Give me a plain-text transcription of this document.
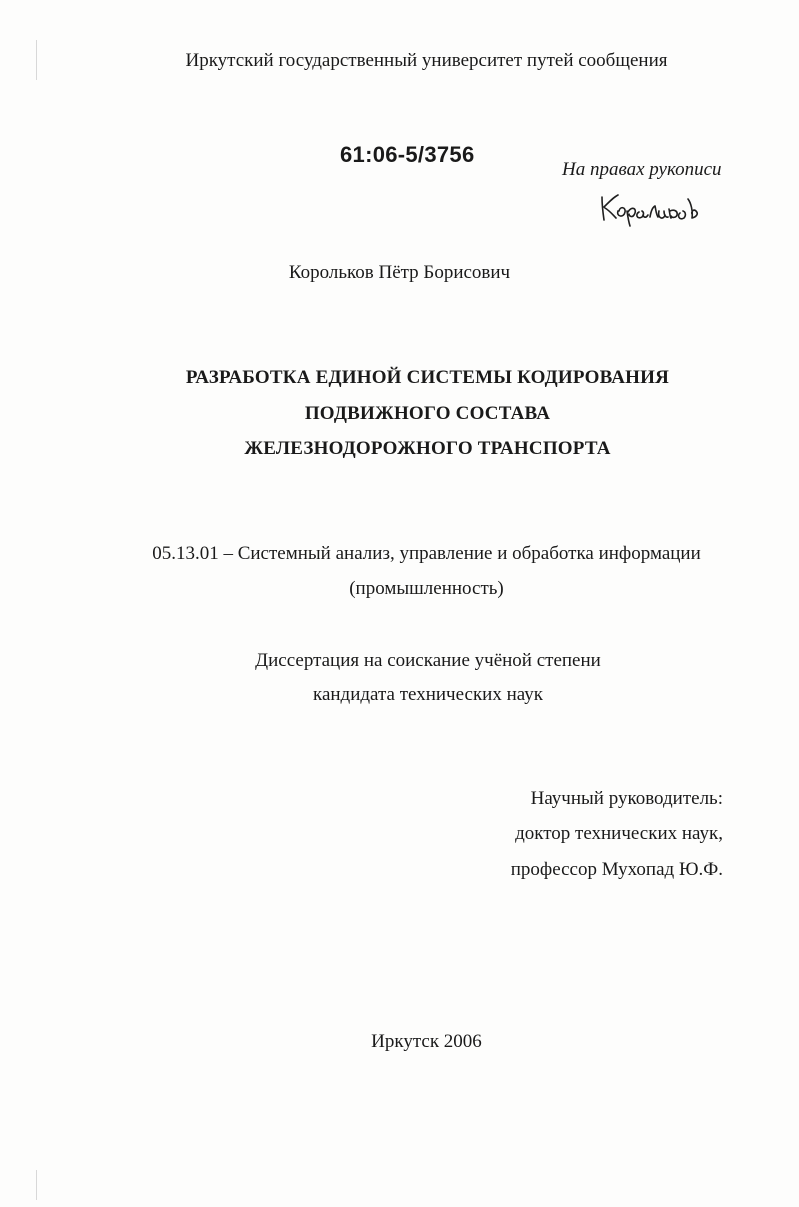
Иркутский государственный университет путей сообщения
61:06-5/3756
На правах рукописи
Корольков Пётр Борисович
РАЗРАБОТКА ЕДИНОЙ СИСТЕМЫ КОДИРОВАНИЯ
ПОДВИЖНОГО СОСТАВА
ЖЕЛЕЗНОДОРОЖНОГО ТРАНСПОРТА
05.13.01 – Системный анализ, управление и обработка информации
(промышленность)
Диссертация на соискание учёной степени
кандидата технических наук
Научный руководитель:
доктор технических наук,
профессор Мухопад Ю.Ф.
Иркутск 2006
